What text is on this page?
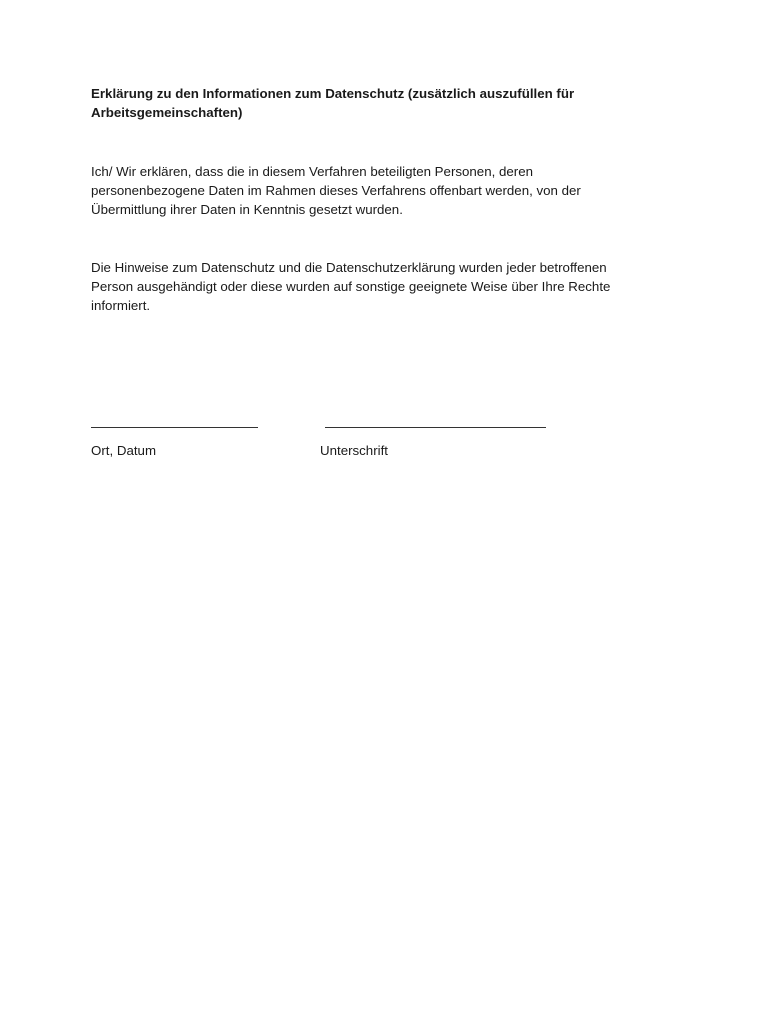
Erklärung zu den Informationen zum Datenschutz (zusätzlich auszufüllen für
Arbeitsgemeinschaften)

Ich/ Wir erklären, dass die in diesem Verfahren beteiligten Personen, deren
personenbezogene Daten im Rahmen dieses Verfahrens offenbart werden, von der
Übermittlung ihrer Daten in Kenntnis gesetzt wurden.

Die Hinweise zum Datenschutz und die Datenschutzerklärung wurden jeder betroffenen
Person ausgehändigt oder diese wurden auf sonstige geeignete Weise über Ihre Rechte
informiert.

Ort, Datum	Unterschrift
